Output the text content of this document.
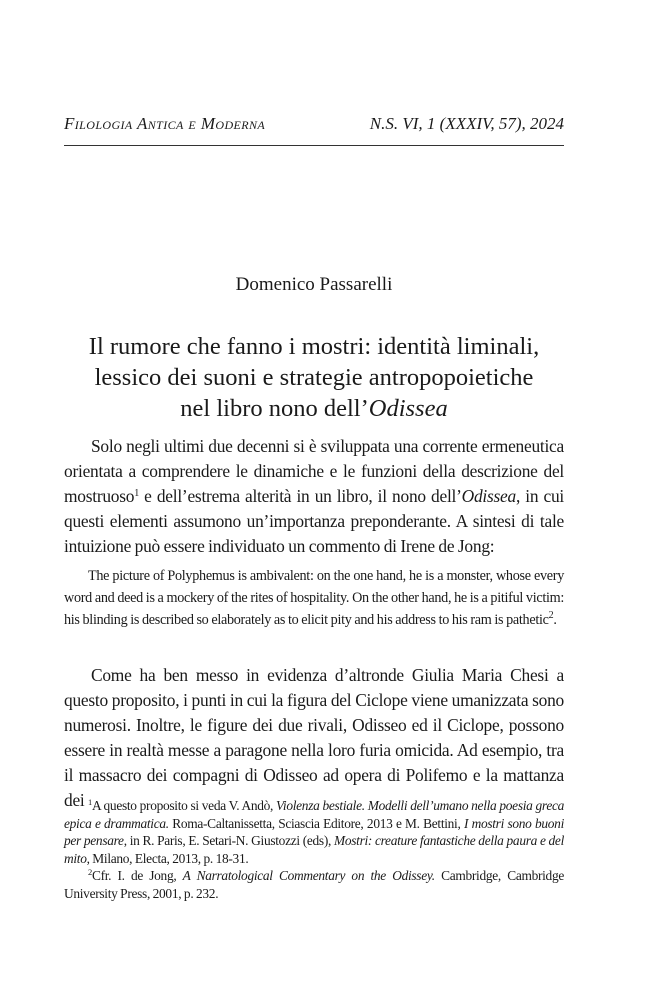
Filologia Antica e Moderna	N.S. VI, 1 (XXXIV, 57), 2024
Domenico Passarelli
Il rumore che fanno i mostri: identità liminali,
lessico dei suoni e strategie antropopoietiche
nel libro nono dell’Odissea

Solo negli ultimi due decenni si è sviluppata una corrente ermeneutica orientata a comprendere le dinamiche e le funzioni della descrizione del mostruoso$^1$ e dell’estrema alterità in un libro, il nono dell’Odissea, in cui questi elementi assumono un’importanza preponderante. A sintesi di tale intuizione può essere individuato un commento di Irene de Jong:

The picture of Polyphemus is ambivalent: on the one hand, he is a monster, whose every word and deed is a mockery of the rites of hospitality. On the other hand, he is a pitiful victim: his blinding is described so elaborately as to elicit pity and his address to his ram is pathetic$^2$.

Come ha ben messo in evidenza d’altronde Giulia Maria Chesi a questo proposito, i punti in cui la figura del Ciclope viene umanizzata sono numerosi. Inoltre, le figure dei due rivali, Odisseo ed il Ciclope, possono essere in realtà messe a paragone nella loro furia omicida. Ad esempio, tra il massacro dei compagni di Odisseo ad opera di Polifemo e la mattanza dei $^1$A questo proposito si veda V. Andò, Violenza bestiale. Modelli dell’umano nella poesia greca epica e drammatica. Roma-Caltanissetta, Sciascia Editore, 2013 e M. Bettini, I mostri sono buoni per pensare, in R. Paris, E. Setari-N. Giustozzi (eds), Mostri: creature fantastiche della paura e del mito, Milano, Electa, 2013, p. 18-31.

$^2$Cfr. I. de Jong, A Narratological Commentary on the Odissey. Cambridge, Cambridge University Press, 2001, p. 232.
